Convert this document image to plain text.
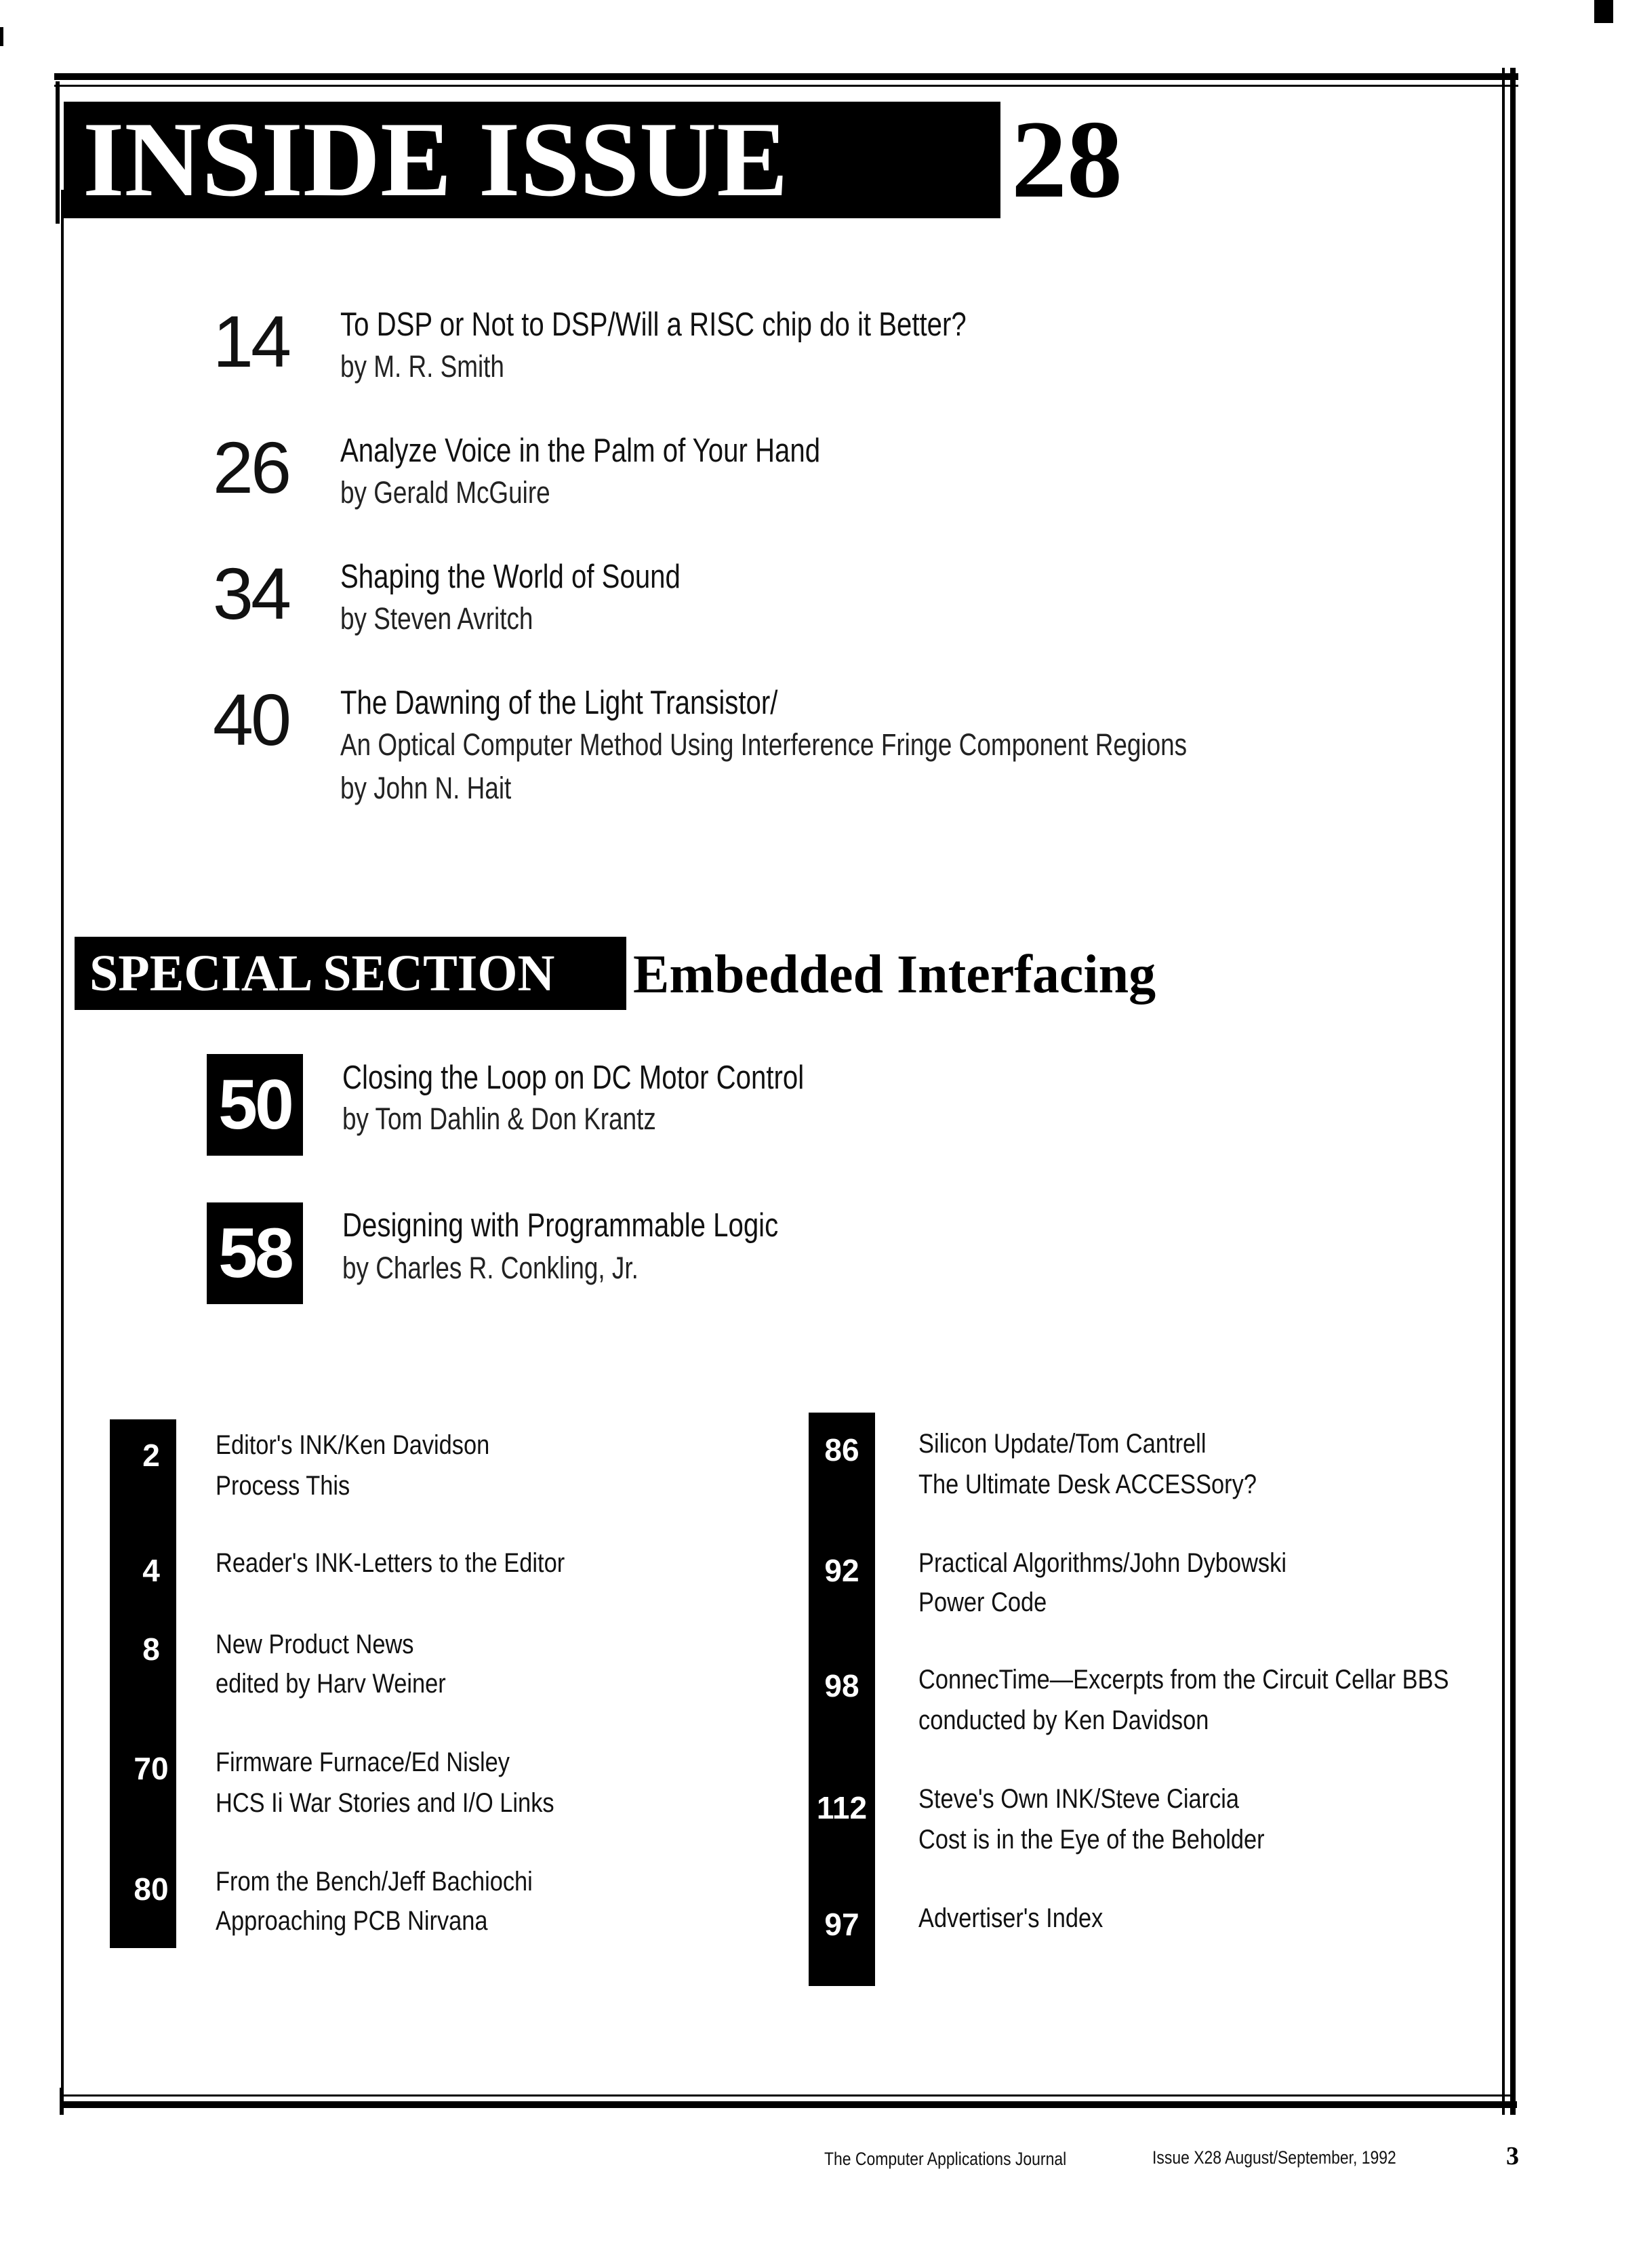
INSIDE ISSUE	28
14 To DSP or Not to DSP/Will a RISC chip do it Better?
by M. R. Smith
26 Analyze Voice in the Palm of Your Hand
by Gerald McGuire
34 Shaping the World of Sound
by Steven Avritch
40 The Dawning of the Light Transistor/
An Optical Computer Method Using Interference Fringe Component Regions
by John N. Hait
SPECIAL SECTION	Embedded Interfacing
50	Closing the Loop on DC Motor Control
by Tom Dahlin & Don Krantz
58	Designing with Programmable Logic
by Charles R. Conkling, Jr.
2	Editor's INK/Ken Davidson
Process This
4	Reader's INK-Letters to the Editor
8	New Product News
edited by Harv Weiner
70	Firmware Furnace/Ed Nisley
HCS Ii War Stories and I/O Links
80	From the Bench/Jeff Bachiochi
Approaching PCB Nirvana
86	Silicon Update/Tom Cantrell
The Ultimate Desk ACCESSory?
92	Practical Algorithms/John Dybowski
Power Code
98	ConnecTime—Excerpts from the Circuit Cellar BBS
conducted by Ken Davidson
112 Steve's Own INK/Steve Ciarcia
Cost is in the Eye of the Beholder
97	Advertiser's Index
The Computer Applications Journal	Issue X28 August/September, 1992	3
